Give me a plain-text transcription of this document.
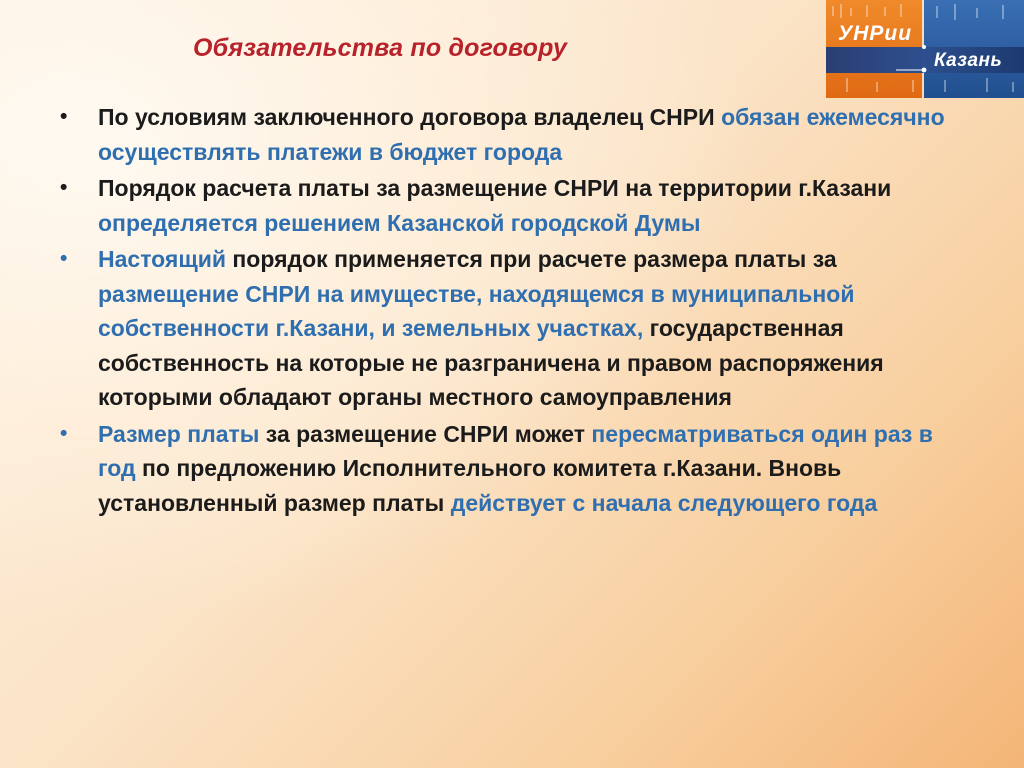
Обязательства по договору

УНРии

Казань

• По условиям заключенного договора владелец СНРИ обязан ежемесячно осуществлять платежи в бюджет города
• Порядок расчета платы за размещение СНРИ на территории г.Казани определяется решением Казанской городской Думы
• Настоящий порядок применяется при расчете размера платы за размещение СНРИ на имуществе, находящемся в муниципальной собственности г.Казани, и земельных участках, государственная собственность на которые не разграничена и правом распоряжения которыми обладают органы местного самоуправления
• Размер платы за размещение СНРИ может пересматриваться один раз в год по предложению Исполнительного комитета г.Казани. Вновь установленный размер платы действует с начала следующего года
